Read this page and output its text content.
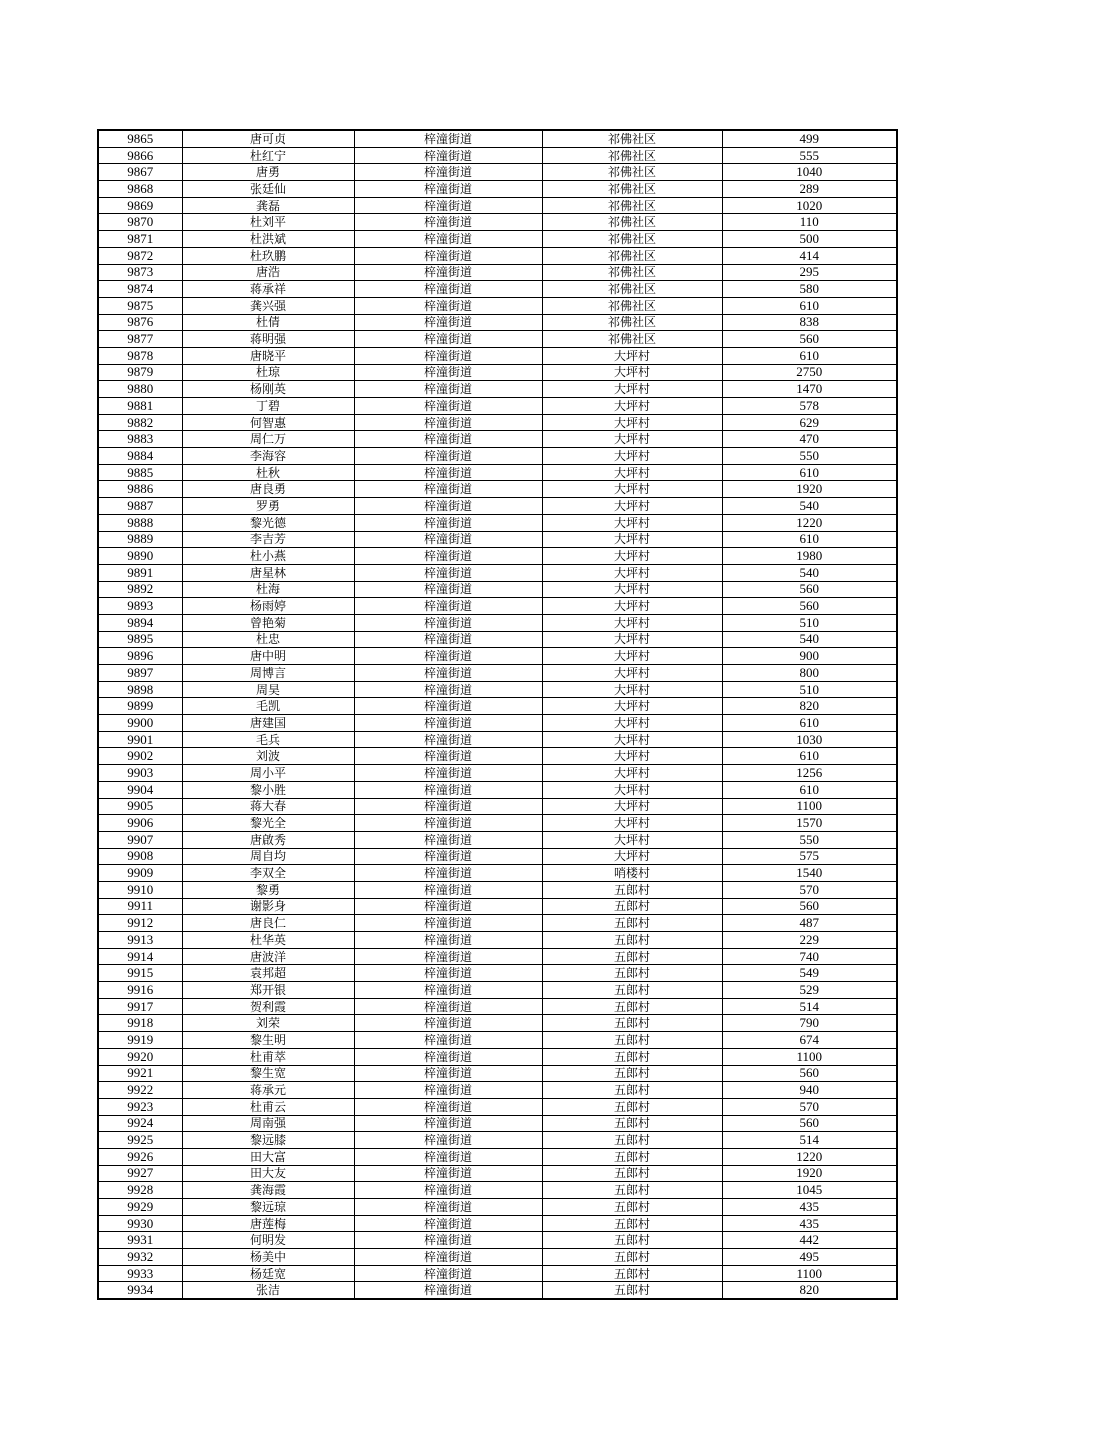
9865	唐可贞	梓潼街道	祁佛社区	499
9866	杜红宁	梓潼街道	祁佛社区	555
9867	唐勇	梓潼街道	祁佛社区	1040
9868	张廷仙	梓潼街道	祁佛社区	289
9869	龚磊	梓潼街道	祁佛社区	1020
9870	杜刘平	梓潼街道	祁佛社区	110
9871	杜洪斌	梓潼街道	祁佛社区	500
9872	杜玖鹏	梓潼街道	祁佛社区	414
9873	唐浩	梓潼街道	祁佛社区	295
9874	蒋承祥	梓潼街道	祁佛社区	580
9875	龚兴强	梓潼街道	祁佛社区	610
9876	杜倩	梓潼街道	祁佛社区	838
9877	蒋明强	梓潼街道	祁佛社区	560
9878	唐晓平	梓潼街道	大坪村	610
9879	杜琼	梓潼街道	大坪村	2750
9880	杨刚英	梓潼街道	大坪村	1470
9881	丁碧	梓潼街道	大坪村	578
9882	何智惠	梓潼街道	大坪村	629
9883	周仁万	梓潼街道	大坪村	470
9884	李海容	梓潼街道	大坪村	550
9885	杜秋	梓潼街道	大坪村	610
9886	唐良勇	梓潼街道	大坪村	1920
9887	罗勇	梓潼街道	大坪村	540
9888	黎光德	梓潼街道	大坪村	1220
9889	李吉芳	梓潼街道	大坪村	610
9890	杜小燕	梓潼街道	大坪村	1980
9891	唐星林	梓潼街道	大坪村	540
9892	杜海	梓潼街道	大坪村	560
9893	杨雨婷	梓潼街道	大坪村	560
9894	曾艳菊	梓潼街道	大坪村	510
9895	杜忠	梓潼街道	大坪村	540
9896	唐中明	梓潼街道	大坪村	900
9897	周博言	梓潼街道	大坪村	800
9898	周昊	梓潼街道	大坪村	510
9899	毛凯	梓潼街道	大坪村	820
9900	唐建国	梓潼街道	大坪村	610
9901	毛兵	梓潼街道	大坪村	1030
9902	刘波	梓潼街道	大坪村	610
9903	周小平	梓潼街道	大坪村	1256
9904	黎小胜	梓潼街道	大坪村	610
9905	蒋大春	梓潼街道	大坪村	1100
9906	黎光全	梓潼街道	大坪村	1570
9907	唐啟秀	梓潼街道	大坪村	550
9908	周自均	梓潼街道	大坪村	575
9909	李双全	梓潼街道	哨楼村	1540
9910	黎勇	梓潼街道	五郎村	570
9911	谢影身	梓潼街道	五郎村	560
9912	唐良仁	梓潼街道	五郎村	487
9913	杜华英	梓潼街道	五郎村	229
9914	唐波洋	梓潼街道	五郎村	740
9915	袁邦超	梓潼街道	五郎村	549
9916	郑开银	梓潼街道	五郎村	529
9917	贺利霞	梓潼街道	五郎村	514
9918	刘荣	梓潼街道	五郎村	790
9919	黎生明	梓潼街道	五郎村	674
9920	杜甫萃	梓潼街道	五郎村	1100
9921	黎生宽	梓潼街道	五郎村	560
9922	蒋承元	梓潼街道	五郎村	940
9923	杜甫云	梓潼街道	五郎村	570
9924	周南强	梓潼街道	五郎村	560
9925	黎远膝	梓潼街道	五郎村	514
9926	田大富	梓潼街道	五郎村	1220
9927	田大友	梓潼街道	五郎村	1920
9928	龚海霞	梓潼街道	五郎村	1045
9929	黎远琼	梓潼街道	五郎村	435
9930	唐莲梅	梓潼街道	五郎村	435
9931	何明发	梓潼街道	五郎村	442
9932	杨美中	梓潼街道	五郎村	495
9933	杨廷宽	梓潼街道	五郎村	1100
9934	张洁	梓潼街道	五郎村	820
